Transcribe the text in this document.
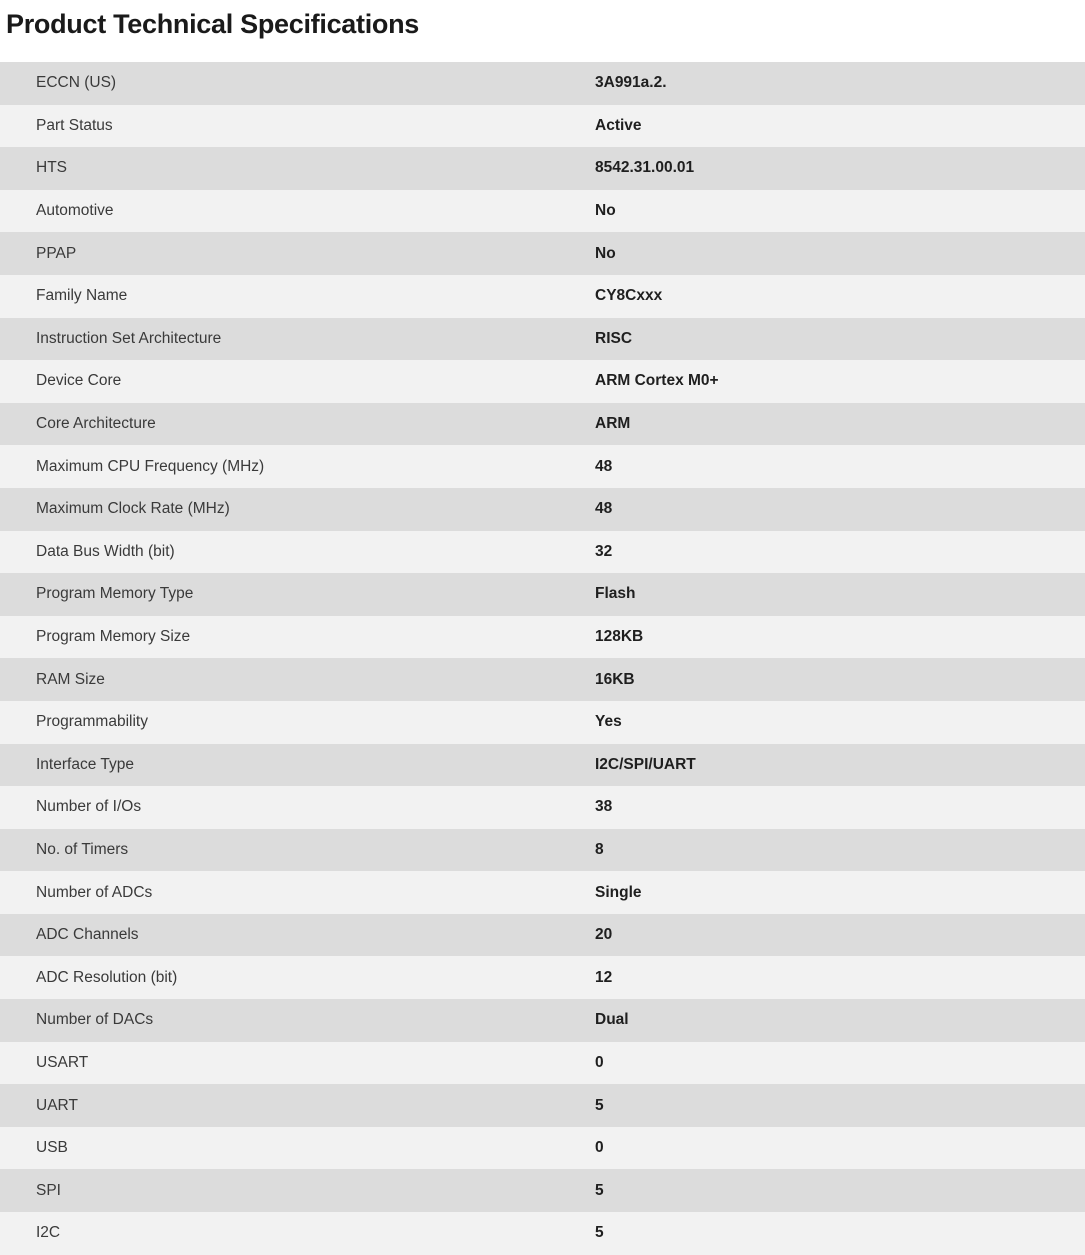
Product Technical Specifications
ECCN (US)	3A991a.2.
Part Status	Active
HTS	8542.31.00.01
Automotive	No
PPAP	No
Family Name	CY8Cxxx
Instruction Set Architecture	RISC
Device Core	ARM Cortex M0+
Core Architecture	ARM
Maximum CPU Frequency (MHz)	48
Maximum Clock Rate (MHz)	48
Data Bus Width (bit)	32
Program Memory Type	Flash
Program Memory Size	128KB
RAM Size	16KB
Programmability	Yes
Interface Type	I2C/SPI/UART
Number of I/Os	38
No. of Timers	8
Number of ADCs	Single
ADC Channels	20
ADC Resolution (bit)	12
Number of DACs	Dual
USART	0
UART	5
USB	0
SPI	5
I2C	5
